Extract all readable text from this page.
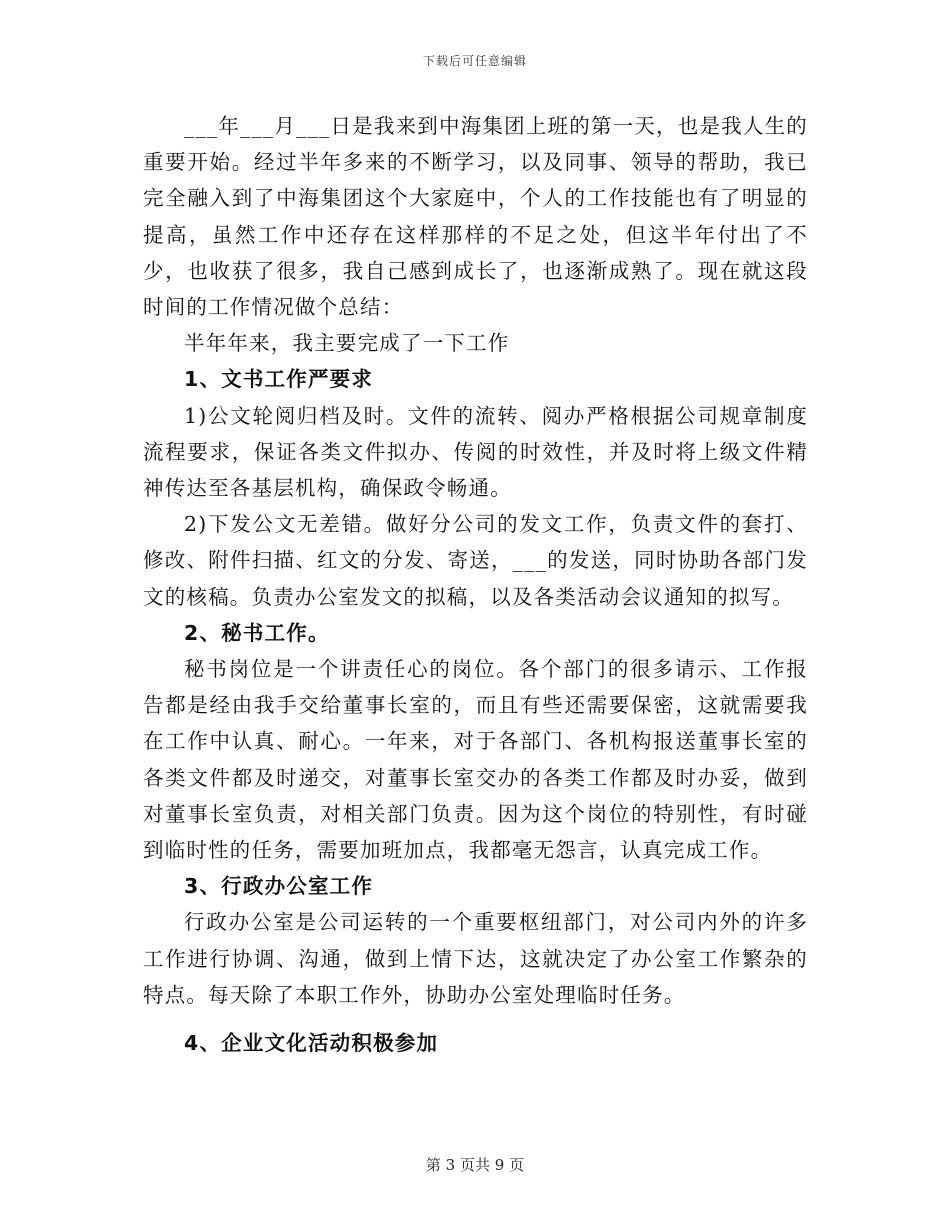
下载后可任意编辑

___年___月___日是我来到中海集团上班的第一天，也是我人生的重要开始。经过半年多来的不断学习，以及同事、领导的帮助，我已完全融入到了中海集团这个大家庭中，个人的工作技能也有了明显的提高，虽然工作中还存在这样那样的不足之处，但这半年付出了不少，也收获了很多，我自己感到成长了，也逐渐成熟了。现在就这段时间的工作情况做个总结：

半年年来，我主要完成了一下工作

1、文书工作严要求

1)公文轮阅归档及时。文件的流转、阅办严格根据公司规章制度流程要求，保证各类文件拟办、传阅的时效性，并及时将上级文件精神传达至各基层机构，确保政令畅通。

2)下发公文无差错。做好分公司的发文工作，负责文件的套打、修改、附件扫描、红文的分发、寄送，___的发送，同时协助各部门发文的核稿。负责办公室发文的拟稿，以及各类活动会议通知的拟写。

2、秘书工作。

秘书岗位是一个讲责任心的岗位。各个部门的很多请示、工作报告都是经由我手交给董事长室的，而且有些还需要保密，这就需要我在工作中认真、耐心。一年来，对于各部门、各机构报送董事长室的各类文件都及时递交，对董事长室交办的各类工作都及时办妥，做到对董事长室负责，对相关部门负责。因为这个岗位的特别性，有时碰到临时性的任务，需要加班加点，我都毫无怨言，认真完成工作。

3、行政办公室工作

行政办公室是公司运转的一个重要枢纽部门，对公司内外的许多工作进行协调、沟通，做到上情下达，这就决定了办公室工作繁杂的特点。每天除了本职工作外，协助办公室处理临时任务。

4、企业文化活动积极参加

第 3 页共 9 页
